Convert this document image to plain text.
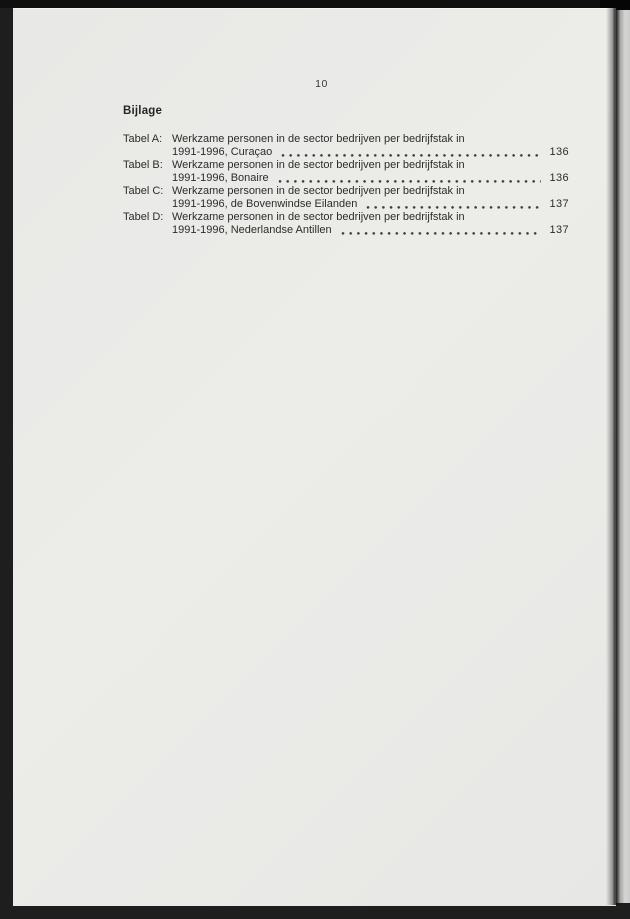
10
Bijlage
Tabel A: Werkzame personen in de sector bedrijven per bedrijfstak in
1991-1996, Curaçao	136
Tabel B: Werkzame personen in de sector bedrijven per bedrijfstak in
1991-1996, Bonaire	136
Tabel C: Werkzame personen in de sector bedrijven per bedrijfstak in
1991-1996, de Bovenwindse Eilanden	137
Tabel D: Werkzame personen in de sector bedrijven per bedrijfstak in
1991-1996, Nederlandse Antillen	137
